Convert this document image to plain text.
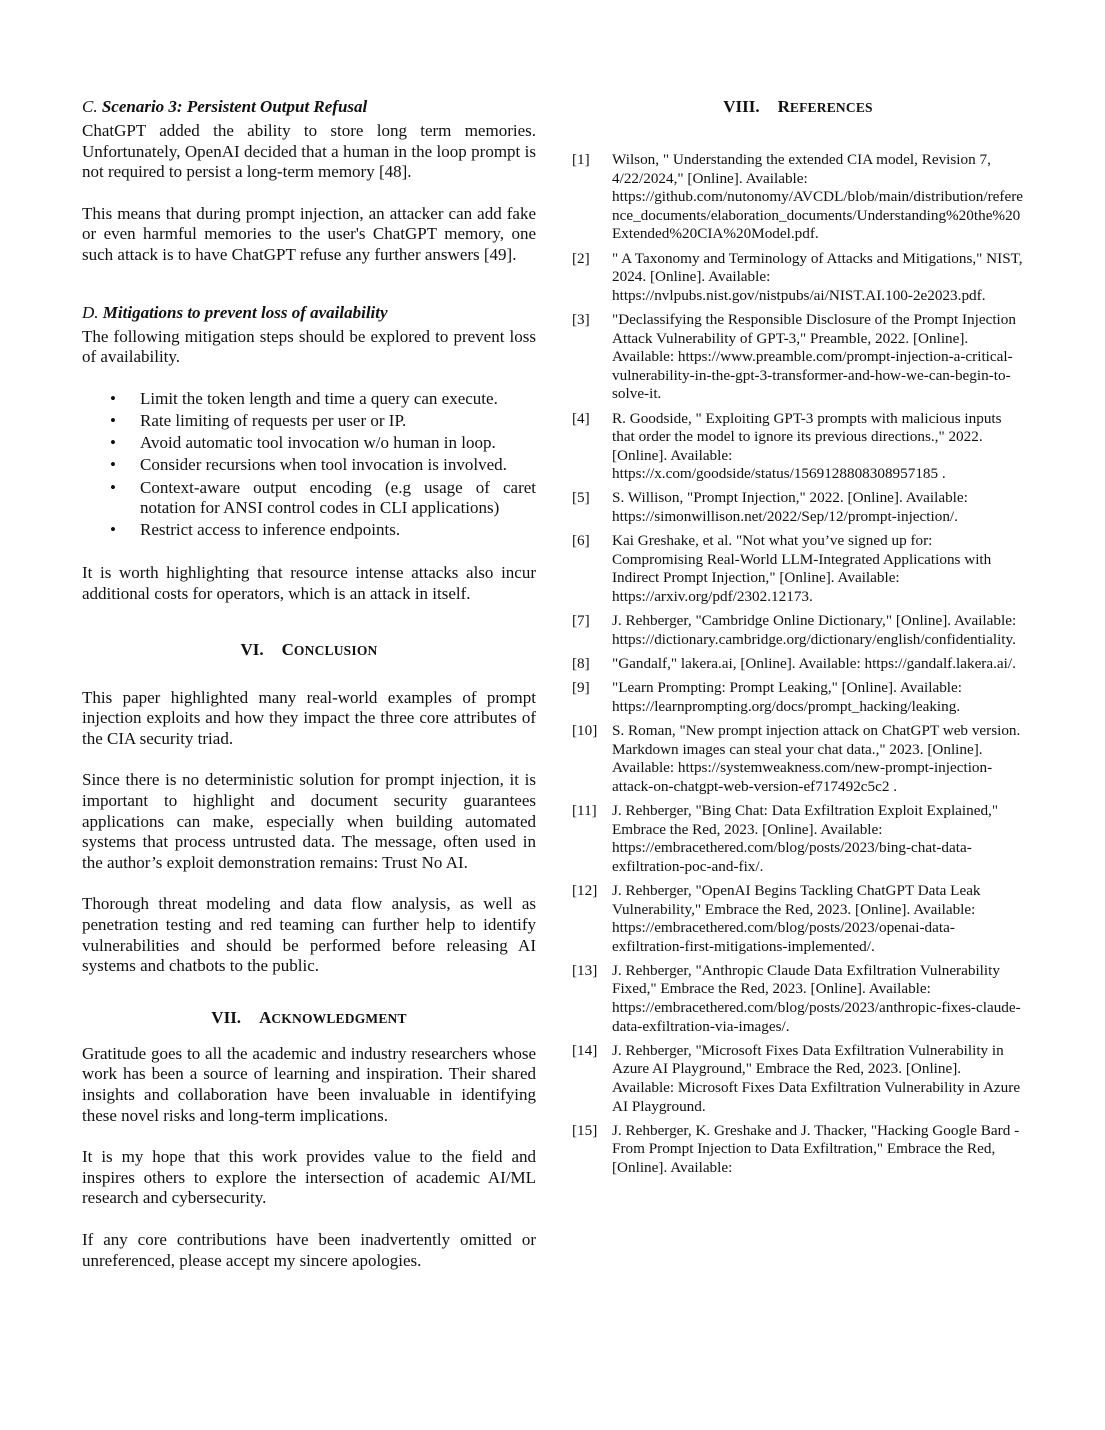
C. Scenario 3: Persistent Output Refusal

ChatGPT added the ability to store long term memories. Unfortunately, OpenAI decided that a human in the loop prompt is not required to persist a long-term memory [48].

This means that during prompt injection, an attacker can add fake or even harmful memories to the user's ChatGPT memory, one such attack is to have ChatGPT refuse any further answers [49].

D. Mitigations to prevent loss of availability

The following mitigation steps should be explored to prevent loss of availability.

• Limit the token length and time a query can execute.
• Rate limiting of requests per user or IP.
• Avoid automatic tool invocation w/o human in loop.
• Consider recursions when tool invocation is involved.
• Context-aware output encoding (e.g usage of caret notation for ANSI control codes in CLI applications)
• Restrict access to inference endpoints.

It is worth highlighting that resource intense attacks also incur additional costs for operators, which is an attack in itself.

VI. CONCLUSION

This paper highlighted many real-world examples of prompt injection exploits and how they impact the three core attributes of the CIA security triad.

Since there is no deterministic solution for prompt injection, it is important to highlight and document security guarantees applications can make, especially when building automated systems that process untrusted data. The message, often used in the author’s exploit demonstration remains: Trust No AI.

Thorough threat modeling and data flow analysis, as well as penetration testing and red teaming can further help to identify vulnerabilities and should be performed before releasing AI systems and chatbots to the public.

VII. ACKNOWLEDGMENT

Gratitude goes to all the academic and industry researchers whose work has been a source of learning and inspiration. Their shared insights and collaboration have been invaluable in identifying these novel risks and long-term implications.

It is my hope that this work provides value to the field and inspires others to explore the intersection of academic AI/ML research and cybersecurity.

If any core contributions have been inadvertently omitted or unreferenced, please accept my sincere apologies.

VIII. REFERENCES
[1] Wilson, " Understanding the extended CIA model, Revision 7, 4/22/2024," [Online]. Available: https://github.com/nutonomy/AVCDL/blob/main/distribution/reference_documents/elaboration_documents/Understanding%20the%20Extended%20CIA%20Model.pdf.
[2] " A Taxonomy and Terminology of Attacks and Mitigations," NIST, 2024. [Online]. Available: https://nvlpubs.nist.gov/nistpubs/ai/NIST.AI.100-2e2023.pdf.
[3] "Declassifying the Responsible Disclosure of the Prompt Injection Attack Vulnerability of GPT-3," Preamble, 2022. [Online]. Available: https://www.preamble.com/prompt-injection-a-critical-vulnerability-in-the-gpt-3-transformer-and-how-we-can-begin-to-solve-it.
[4] R. Goodside, " Exploiting GPT-3 prompts with malicious inputs that order the model to ignore its previous directions.," 2022. [Online]. Available: https://x.com/goodside/status/1569128808308957185 .
[5] S. Willison, "Prompt Injection," 2022. [Online]. Available: https://simonwillison.net/2022/Sep/12/prompt-injection/.
[6] Kai Greshake, et al. "Not what you’ve signed up for: Compromising Real-World LLM-Integrated Applications with Indirect Prompt Injection," [Online]. Available: https://arxiv.org/pdf/2302.12173.
[7] J. Rehberger, "Cambridge Online Dictionary," [Online]. Available: https://dictionary.cambridge.org/dictionary/english/confidentiality.
[8] "Gandalf," lakera.ai, [Online]. Available: https://gandalf.lakera.ai/.
[9] "Learn Prompting: Prompt Leaking," [Online]. Available: https://learnprompting.org/docs/prompt_hacking/leaking.
[10] S. Roman, "New prompt injection attack on ChatGPT web version. Markdown images can steal your chat data.," 2023. [Online]. Available: https://systemweakness.com/new-prompt-injection-attack-on-chatgpt-web-version-ef717492c5c2 .
[11] J. Rehberger, "Bing Chat: Data Exfiltration Exploit Explained," Embrace the Red, 2023. [Online]. Available: https://embracethered.com/blog/posts/2023/bing-chat-data-exfiltration-poc-and-fix/.
[12] J. Rehberger, "OpenAI Begins Tackling ChatGPT Data Leak Vulnerability," Embrace the Red, 2023. [Online]. Available: https://embracethered.com/blog/posts/2023/openai-data-exfiltration-first-mitigations-implemented/.
[13] J. Rehberger, "Anthropic Claude Data Exfiltration Vulnerability Fixed," Embrace the Red, 2023. [Online]. Available: https://embracethered.com/blog/posts/2023/anthropic-fixes-claude-data-exfiltration-via-images/.
[14] J. Rehberger, "Microsoft Fixes Data Exfiltration Vulnerability in Azure AI Playground," Embrace the Red, 2023. [Online]. Available: Microsoft Fixes Data Exfiltration Vulnerability in Azure AI Playground.
[15] J. Rehberger, K. Greshake and J. Thacker, "Hacking Google Bard - From Prompt Injection to Data Exfiltration," Embrace the Red, [Online]. Available:
